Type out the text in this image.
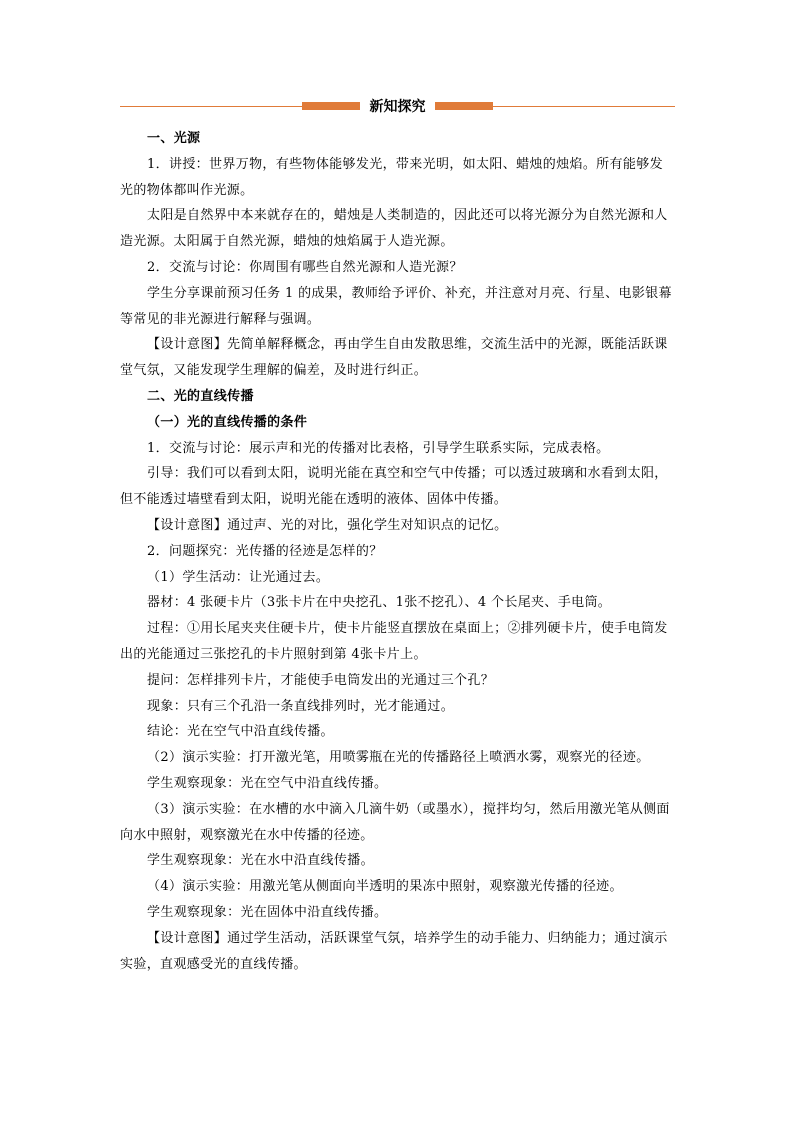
新知探究

一、光源

1．讲授：世界万物，有些物体能够发光，带来光明，如太阳、蜡烛的烛焰。所有能够发光的物体都叫作光源。

太阳是自然界中本来就存在的，蜡烛是人类制造的，因此还可以将光源分为自然光源和人造光源。太阳属于自然光源，蜡烛的烛焰属于人造光源。

2．交流与讨论：你周围有哪些自然光源和人造光源？

学生分享课前预习任务 1 的成果，教师给予评价、补充，并注意对月亮、行星、电影银幕等常见的非光源进行解释与强调。

【设计意图】先简单解释概念，再由学生自由发散思维，交流生活中的光源，既能活跃课堂气氛，又能发现学生理解的偏差，及时进行纠正。

二、光的直线传播

（一）光的直线传播的条件

1．交流与讨论：展示声和光的传播对比表格，引导学生联系实际，完成表格。

引导：我们可以看到太阳，说明光能在真空和空气中传播；可以透过玻璃和水看到太阳，但不能透过墙壁看到太阳，说明光能在透明的液体、固体中传播。

【设计意图】通过声、光的对比，强化学生对知识点的记忆。

2．问题探究：光传播的径迹是怎样的？

（1）学生活动：让光通过去。

器材：4 张硬卡片（3张卡片在中央挖孔、1张不挖孔）、4 个长尾夹、手电筒。

过程：①用长尾夹夹住硬卡片，使卡片能竖直摆放在桌面上；②排列硬卡片，使手电筒发出的光能通过三张挖孔的卡片照射到第 4张卡片上。

提问：怎样排列卡片，才能使手电筒发出的光通过三个孔？

现象：只有三个孔沿一条直线排列时，光才能通过。

结论：光在空气中沿直线传播。

（2）演示实验：打开激光笔，用喷雾瓶在光的传播路径上喷洒水雾，观察光的径迹。

学生观察现象：光在空气中沿直线传播。

（3）演示实验：在水槽的水中滴入几滴牛奶（或墨水），搅拌均匀，然后用激光笔从侧面向水中照射，观察激光在水中传播的径迹。

学生观察现象：光在水中沿直线传播。

（4）演示实验：用激光笔从侧面向半透明的果冻中照射，观察激光传播的径迹。

学生观察现象：光在固体中沿直线传播。

【设计意图】通过学生活动，活跃课堂气氛，培养学生的动手能力、归纳能力；通过演示实验，直观感受光的直线传播。
